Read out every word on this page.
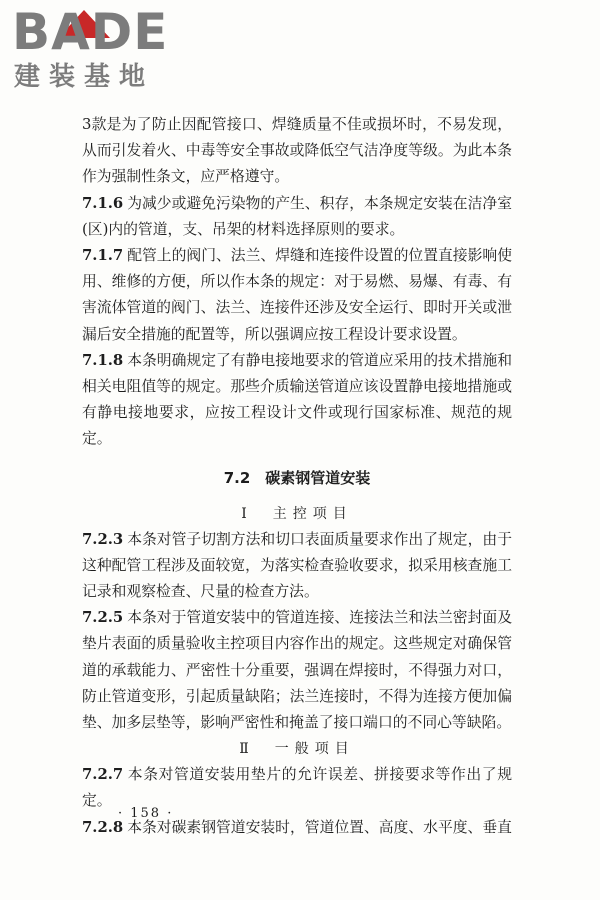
BADE
建装基地

3款是为了防止因配管接口、焊缝质量不佳或损坏时，不易发现，从而引发着火、中毒等安全事故或降低空气洁净度等级。为此本条作为强制性条文，应严格遵守。

7.1.6 为减少或避免污染物的产生、积存，本条规定安装在洁净室(区)内的管道，支、吊架的材料选择原则的要求。

7.1.7 配管上的阀门、法兰、焊缝和连接件设置的位置直接影响使用、维修的方便，所以作本条的规定：对于易燃、易爆、有毒、有害流体管道的阀门、法兰、连接件还涉及安全运行、即时开关或泄漏后安全措施的配置等，所以强调应按工程设计要求设置。

7.1.8 本条明确规定了有静电接地要求的管道应采用的技术措施和相关电阻值等的规定。那些介质输送管道应该设置静电接地措施或有静电接地要求，应按工程设计文件或现行国家标准、规范的规定。

7.2　碳素钢管道安装
Ⅰ　主控项目

7.2.3 本条对管子切割方法和切口表面质量要求作出了规定，由于这种配管工程涉及面较宽，为落实检查验收要求，拟采用核查施工记录和观察检查、尺量的检查方法。

7.2.5 本条对于管道安装中的管道连接、连接法兰和法兰密封面及垫片表面的质量验收主控项目内容作出的规定。这些规定对确保管道的承载能力、严密性十分重要，强调在焊接时，不得强力对口，防止管道变形，引起质量缺陷；法兰连接时，不得为连接方便加偏垫、加多层垫等，影响严密性和掩盖了接口端口的不同心等缺陷。

Ⅱ　一般项目

7.2.7 本条对管道安装用垫片的允许误差、拼接要求等作出了规定。

7.2.8 本条对碳素钢管道安装时，管道位置、高度、水平度、垂直

· 158 ·
